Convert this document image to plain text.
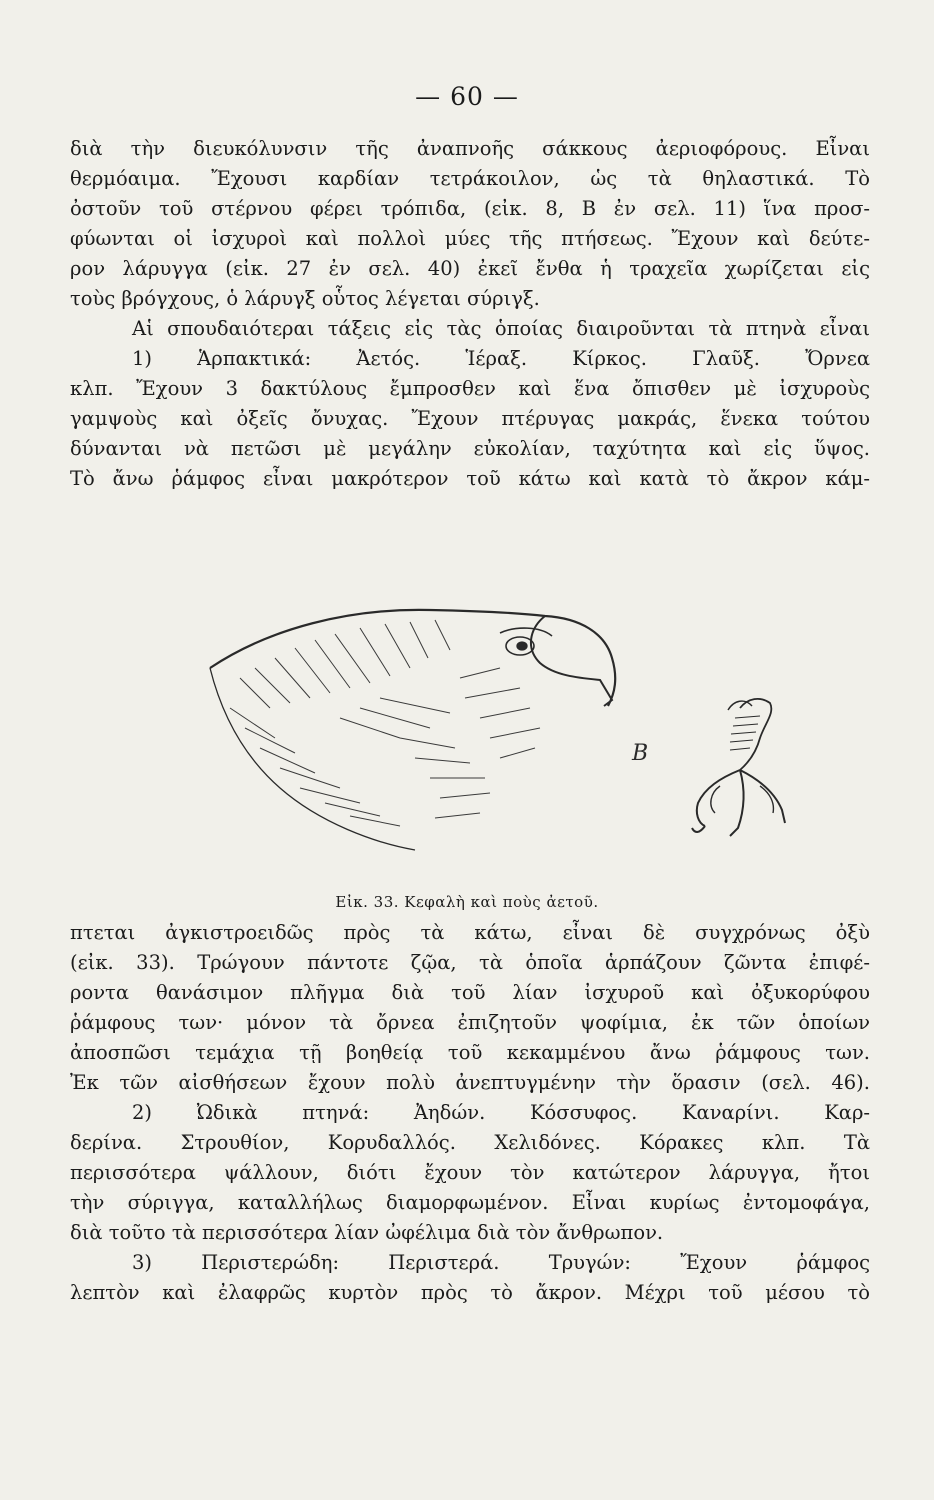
— 60 —
διὰ τὴν διευκόλυνσιν τῆς ἀναπνοῆς σάκκους ἀεριοφόρους. Εἶναι
θερμόαιμα. Ἔχουσι καρδίαν τετράκοιλον, ὡς τὰ θηλαστικά. Τὸ
ὀστοῦν τοῦ στέρνου φέρει τρόπιδα, (εἰκ. 8, Β ἐν σελ. 11) ἵνα προσ-
φύωνται οἱ ἰσχυροὶ καὶ πολλοὶ μύες τῆς πτήσεως. Ἔχουν καὶ δεύτε-
ρον λάρυγγα (εἰκ. 27 ἐν σελ. 40) ἐκεῖ ἔνθα ἡ τραχεῖα χωρίζεται εἰς
τοὺς βρόγχους, ὁ λάρυγξ οὗτος λέγεται σύριγξ.
Αἱ σπουδαιότεραι τάξεις εἰς τὰς ὁποίας διαιροῦνται τὰ πτηνὰ εἶναι
1) Ἁρπακτικά: Ἀετός. Ἱέραξ. Κίρκος. Γλαῦξ. Ὄρνεα
κλπ. Ἔχουν 3 δακτύλους ἔμπροσθεν καὶ ἕνα ὄπισθεν μὲ ἰσχυροὺς
γαμψοὺς καὶ ὀξεῖς ὄνυχας. Ἔχουν πτέρυγας μακράς, ἕνεκα τούτου
δύνανται νὰ πετῶσι μὲ μεγάλην εὐκολίαν, ταχύτητα καὶ εἰς ὕψος.
Τὸ ἄνω ῥάμφος εἶναι μακρότερον τοῦ κάτω καὶ κατὰ τὸ ἄκρον κάμ-
B
Εἰκ. 33. Κεφαλὴ καὶ ποὺς ἀετοῦ.
πτεται ἀγκιστροειδῶς πρὸς τὰ κάτω, εἶναι δὲ συγχρόνως ὀξὺ
(εἰκ. 33). Τρώγουν πάντοτε ζῷα, τὰ ὁποῖα ἁρπάζουν ζῶντα ἐπιφέ-
ροντα θανάσιμον πλῆγμα διὰ τοῦ λίαν ἰσχυροῦ καὶ ὀξυκορύφου
ῥάμφους των· μόνον τὰ ὄρνεα ἐπιζητοῦν ψοφίμια, ἐκ τῶν ὁποίων
ἀποσπῶσι τεμάχια τῇ βοηθείᾳ τοῦ κεκαμμένου ἄνω ῥάμφους των.
Ἐκ τῶν αἰσθήσεων ἔχουν πολὺ ἀνεπτυγμένην τὴν ὅρασιν (σελ. 46).
2) Ὠδικὰ πτηνά: Ἀηδών. Κόσσυφος. Καναρίνι. Καρ-
δερίνα. Στρουθίον, Κορυδαλλός. Χελιδόνες. Κόρακες κλπ. Τὰ
περισσότερα ψάλλουν, διότι ἔχουν τὸν κατώτερον λάρυγγα, ἤτοι
τὴν σύριγγα, καταλλήλως διαμορφωμένον. Εἶναι κυρίως ἐντομοφάγα,
διὰ τοῦτο τὰ περισσότερα λίαν ὠφέλιμα διὰ τὸν ἄνθρωπον.
3) Περιστερώδη: Περιστερά. Τρυγών: Ἔχουν ῥάμφος
λεπτὸν καὶ ἐλαφρῶς κυρτὸν πρὸς τὸ ἄκρον. Μέχρι τοῦ μέσου τὸ
